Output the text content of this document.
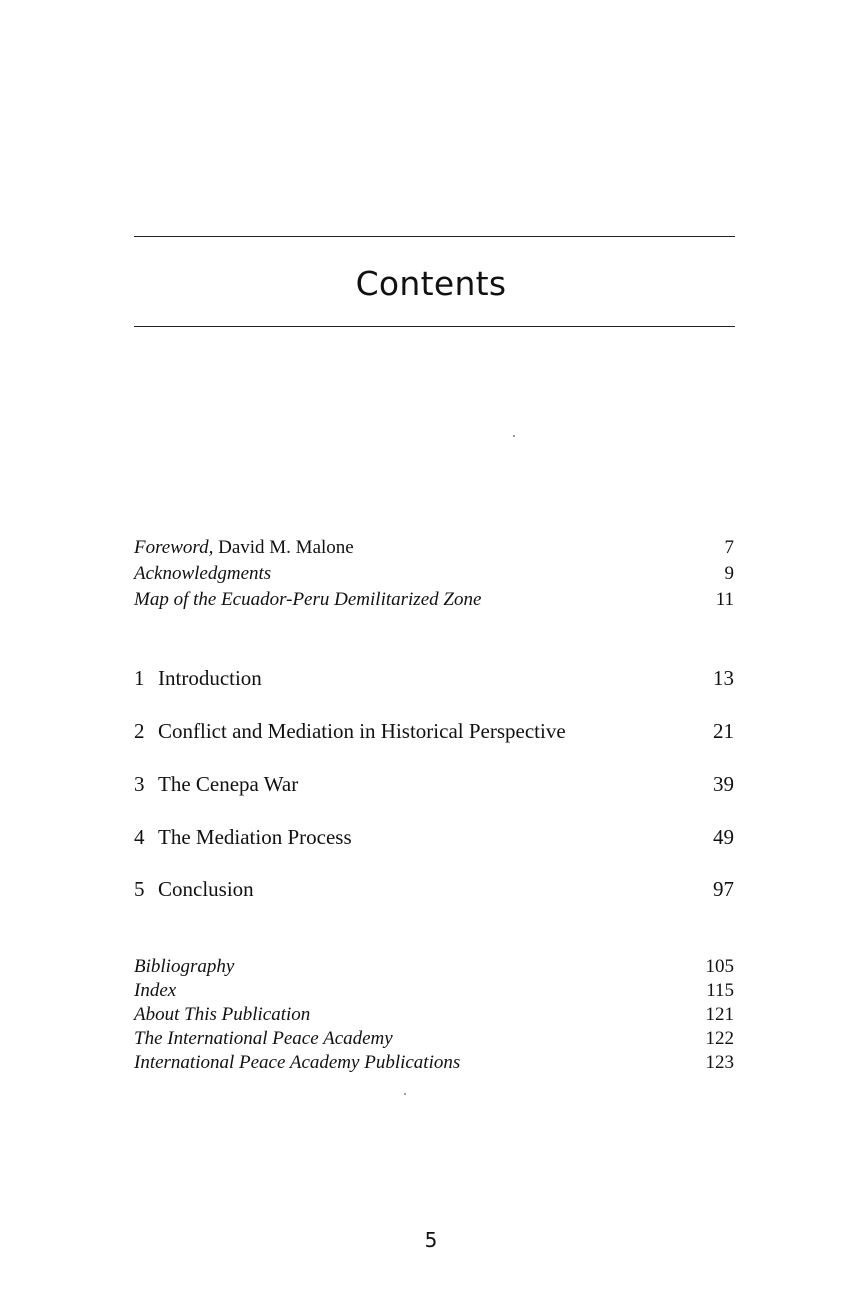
Contents
Foreword, David M. Malone	7
Acknowledgments	9
Map of the Ecuador-Peru Demilitarized Zone	11
1 Introduction	13
2 Conflict and Mediation in Historical Perspective	21
3 The Cenepa War	39
4 The Mediation Process	49
5 Conclusion	97
Bibliography	105
Index	115
About This Publication	121
The International Peace Academy	122
International Peace Academy Publications	123
5
